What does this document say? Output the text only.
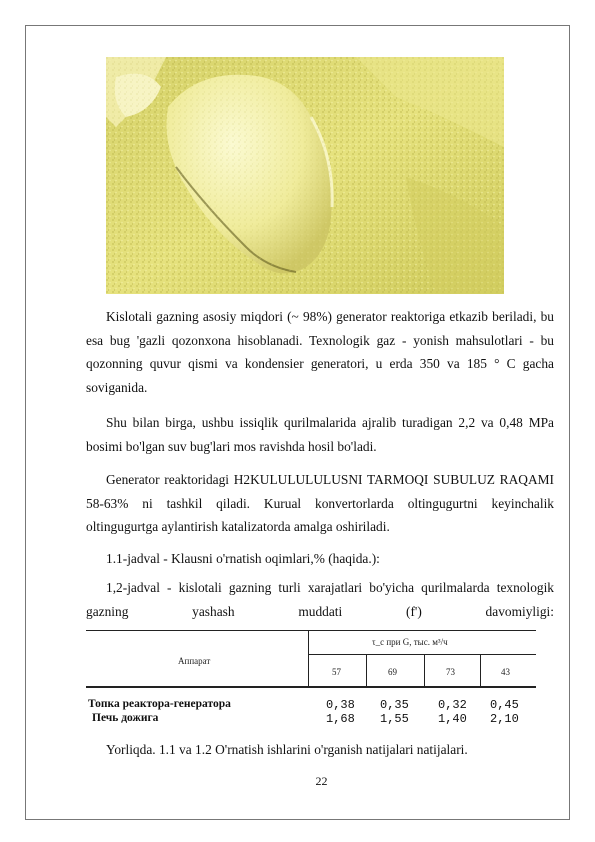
Kislotali gazning asosiy miqdori (~ 98%) generator reaktoriga etkazib beriladi, bu esa bug 'gazli qozonxona hisoblanadi. Texnologik gaz - yonish mahsulotlari - bu qozonning quvur qismi va kondensier generatori, u erda 350 va 185 ° C gacha soviganida.

Shu bilan birga, ushbu issiqlik qurilmalarida ajralib turadigan 2,2 va 0,48 MPa bosimi bo'lgan suv bug'lari mos ravishda hosil bo'ladi.

Generator reaktoridagi H2KULULULULUSNI TARMOQI SUBULUZ RAQAMI 58-63% ni tashkil qiladi. Kurual konvertorlarda oltingugurtni keyinchalik oltingugurtga aylantirish katalizatorda amalga oshiriladi.

1.1-jadval - Klausni o'rnatish oqimlari,% (haqida.):

1,2-jadval - kislotali gazning turli xarajatlari bo'yicha qurilmalarda texnologik gazning yashash muddati (f') davomiyligi:

Аппарат
τ_c при G, тыс. м³/ч
57	69	73	43
Топка реактора-генератора	0,38 0,35 0,32 0,45
Печь дожига	1,68 1,55 1,40 2,10

Yorliqda. 1.1 va 1.2 O'rnatish ishlarini o'rganish natijalari natijalari.

22
